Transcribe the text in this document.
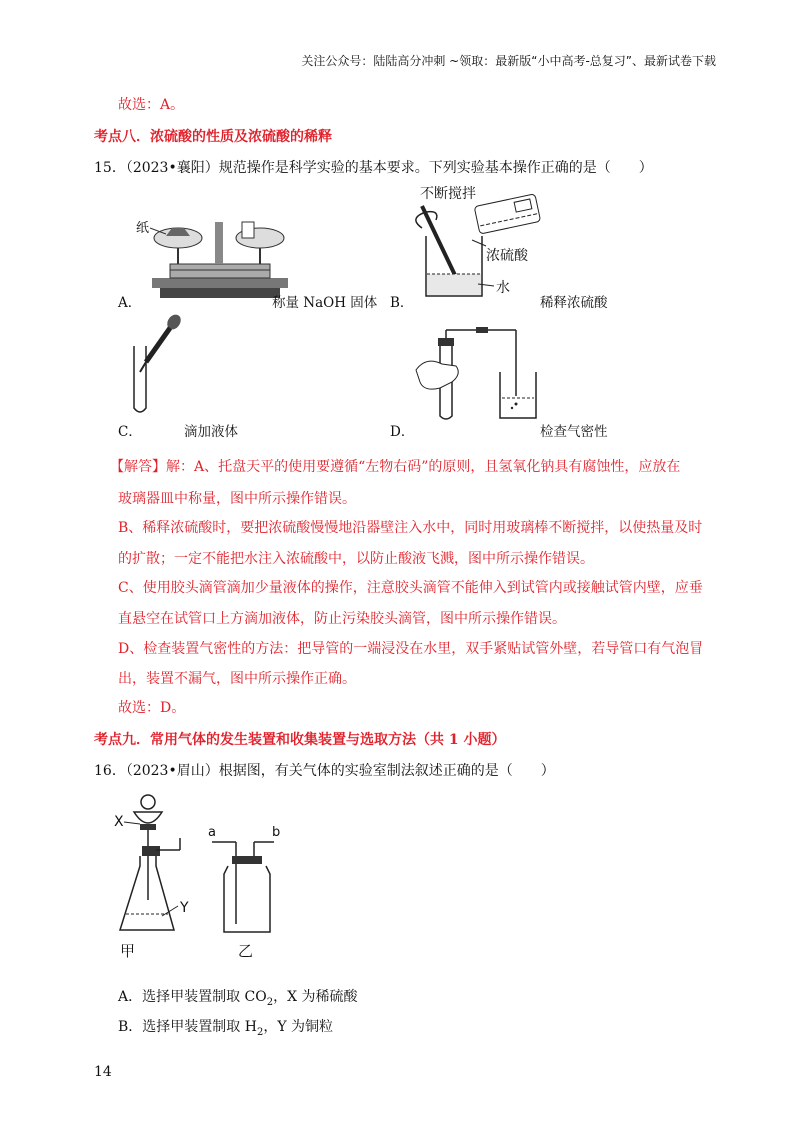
关注公众号：陆陆高分冲刺 ~领取：最新版“小中高考-总复习”、最新试卷下载
故选：A。
考点八．浓硫酸的性质及浓硫酸的稀释
15．（2023•襄阳）规范操作是科学实验的基本要求。下列实验基本操作正确的是（　　）
纸
A．	称量 NaOH 固体
不断搅拌
浓硫酸
水
B．	稀释浓硫酸
C．	滴加液体	D．	检查气密性
【解答】解：A、托盘天平的使用要遵循“左物右码”的原则，且氢氧化钠具有腐蚀性，应放在
玻璃器皿中称量，图中所示操作错误。
B、稀释浓硫酸时，要把浓硫酸慢慢地沿器壁注入水中，同时用玻璃棒不断搅拌，以使热量及时
的扩散；一定不能把水注入浓硫酸中，以防止酸液飞溅，图中所示操作错误。
C、使用胶头滴管滴加少量液体的操作，注意胶头滴管不能伸入到试管内或接触试管内壁，应垂
直悬空在试管口上方滴加液体，防止污染胶头滴管，图中所示操作错误。
D、检查装置气密性的方法：把导管的一端浸没在水里，双手紧贴试管外壁，若导管口有气泡冒
出，装置不漏气，图中所示操作正确。
故选：D。
考点九．常用气体的发生装置和收集装置与选取方法（共 1 小题）
16．（2023•眉山）根据图，有关气体的实验室制法叙述正确的是（　　）
X
Y
甲
a	b
乙
A．选择甲装置制取 $CO_2$，X 为稀硫酸
B．选择甲装置制取 $H_2$，Y 为铜粒
14
